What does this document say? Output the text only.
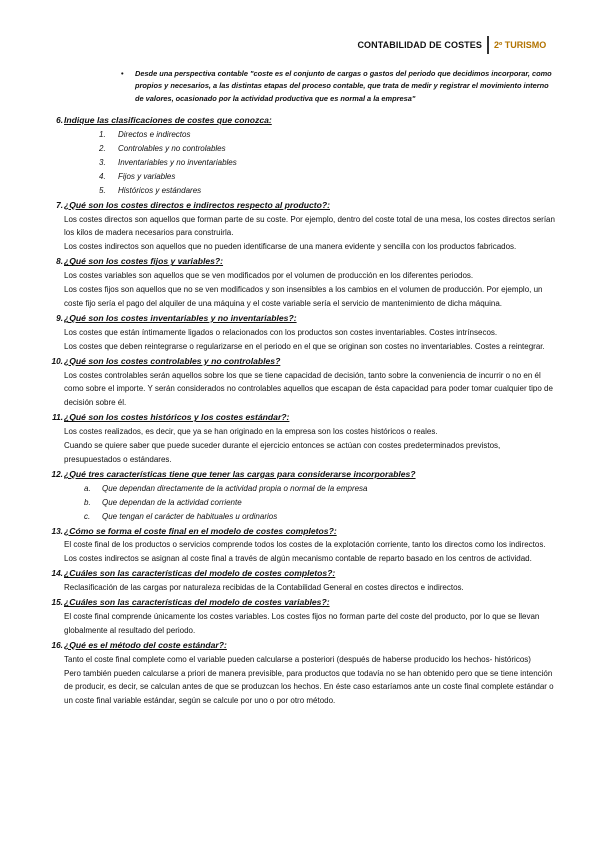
CONTABILIDAD DE COSTES	2º TURISMO
• Desde una perspectiva contable "coste es el conjunto de cargas o gastos del periodo que decidimos incorporar, como propios y necesarios, a las distintas etapas del proceso contable, que trata de medir y registrar el movimiento interno de valores, ocasionado por la actividad productiva que es normal a la empresa"
6. Indique las clasificaciones de costes que conozca:
1. Directos e indirectos
2. Controlables y no controlables
3. Inventariables y no inventariables
4. Fijos y variables
5. Históricos y estándares
7. ¿Qué son los costes directos e indirectos respecto al producto?:
Los costes directos son aquellos que forman parte de su coste. Por ejemplo, dentro del coste total de una mesa, los costes directos serían los kilos de madera necesarios para construirla.
Los costes indirectos son aquellos que no pueden identificarse de una manera evidente y sencilla con los productos fabricados.
8. ¿Qué son los costes fijos y variables?:
Los costes variables son aquellos que se ven modificados por el volumen de producción en los diferentes periodos.
Los costes fijos son aquellos que no se ven modificados y son insensibles a los cambios en el volumen de producción. Por ejemplo, un coste fijo sería el pago del alquiler de una máquina y el coste variable sería el servicio de mantenimiento de dicha máquina.
9. ¿Qué son los costes inventariables y no inventariables?:
Los costes que están íntimamente ligados o relacionados con los productos son costes inventariables. Costes intrínsecos.
Los costes que deben reintegrarse o regularizarse en el periodo en el que se originan son costes no inventariables. Costes a reintegrar.
10. ¿Qué son los costes controlables y no controlables?
Los costes controlables serán aquellos sobre los que se tiene capacidad de decisión, tanto sobre la conveniencia de incurrir o no en él como sobre el importe. Y serán considerados no controlables aquellos que escapan de ésta capacidad para poder tomar cualquier tipo de decisión sobre él.
11. ¿Qué son los costes históricos y los costes estándar?:
Los costes realizados, es decir, que ya se han originado en la empresa son los costes históricos o reales.
Cuando se quiere saber que puede suceder durante el ejercicio entonces se actúan con costes predeterminados previstos, presupuestados o estándares.
12. ¿Qué tres características tiene que tener las cargas para considerarse incorporables?
a. Que dependan directamente de la actividad propia o normal de la empresa
b. Que dependan de la actividad corriente
c. Que tengan el carácter de habituales u ordinarios
13. ¿Cómo se forma el coste final en el modelo de costes completos?:
El coste final de los productos o servicios comprende todos los costes de la explotación corriente, tanto los directos como los indirectos.
Los costes indirectos se asignan al coste final a través de algún mecanismo contable de reparto basado en los centros de actividad.
14. ¿Cuáles son las características del modelo de costes completos?:
Reclasificación de las cargas por naturaleza recibidas de la Contabilidad General en costes directos e indirectos.
15. ¿Cuáles son las características del modelo de costes variables?:
El coste final comprende únicamente los costes variables. Los costes fijos no forman parte del coste del producto, por lo que se llevan globalmente al resultado del periodo.
16. ¿Qué es el método del coste estándar?:
Tanto el coste final complete como el variable pueden calcularse a posteriori (después de haberse producido los hechos- históricos)
Pero también pueden calcularse a priori de manera previsible, para productos que todavía no se han obtenido pero que se tiene intención de producir, es decir, se calculan antes de que se produzcan los hechos. En éste caso estaríamos ante un coste final complete estándar o un coste final variable estándar, según se calcule por uno o por otro método.
